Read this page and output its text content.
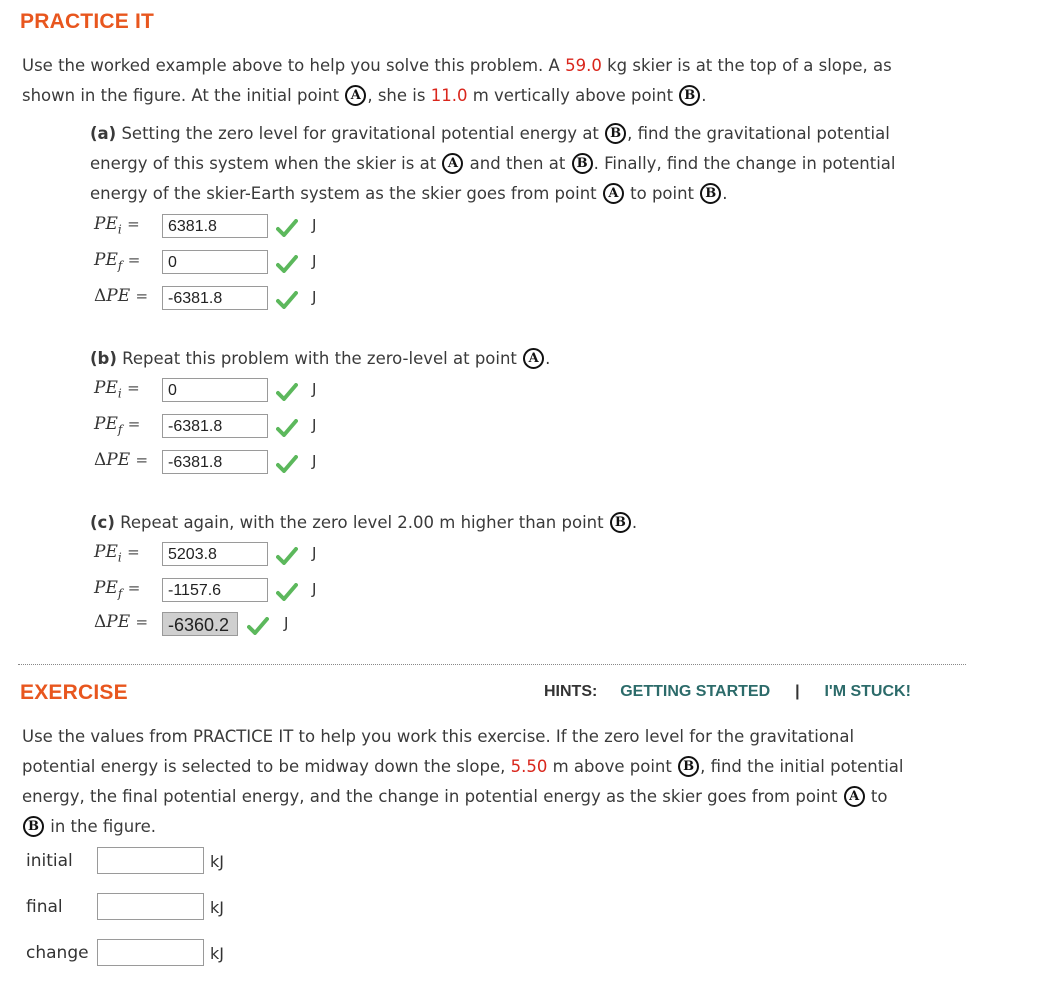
PRACTICE IT
Use the worked example above to help you solve this problem. A 59.0 kg skier is at the top of a slope, as
shown in the figure. At the initial point A , she is 11.0 m vertically above point B .
(a) Setting the zero level for gravitational potential energy at B , find the gravitational potential
energy of this system when the skier is at A and then at B . Finally, find the change in potential
energy of the skier-Earth system as the skier goes from point A to point B .
$PE_i$ =	6381.8	J
$PE_f$ =	0	J
ΔPE =	-6381.8	J
(b) Repeat this problem with the zero-level at point A .
$PE_i$ =	0	J
$PE_f$ =	-6381.8	J
ΔPE =	-6381.8	J
(c) Repeat again, with the zero level 2.00 m higher than point B .
$PE_i$ =	5203.8	J
$PE_f$ =	-1157.6	J
ΔPE =	-6360.2	J
EXERCISE	HINTS: GETTING STARTED | I'M STUCK!
Use the values from PRACTICE IT to help you work this exercise. If the zero level for the gravitational
potential energy is selected to be midway down the slope, 5.50 m above point B , find the initial potential
energy, the final potential energy, and the change in potential energy as the skier goes from point A to
B in the figure.
initial	kJ
final	kJ
change	kJ
